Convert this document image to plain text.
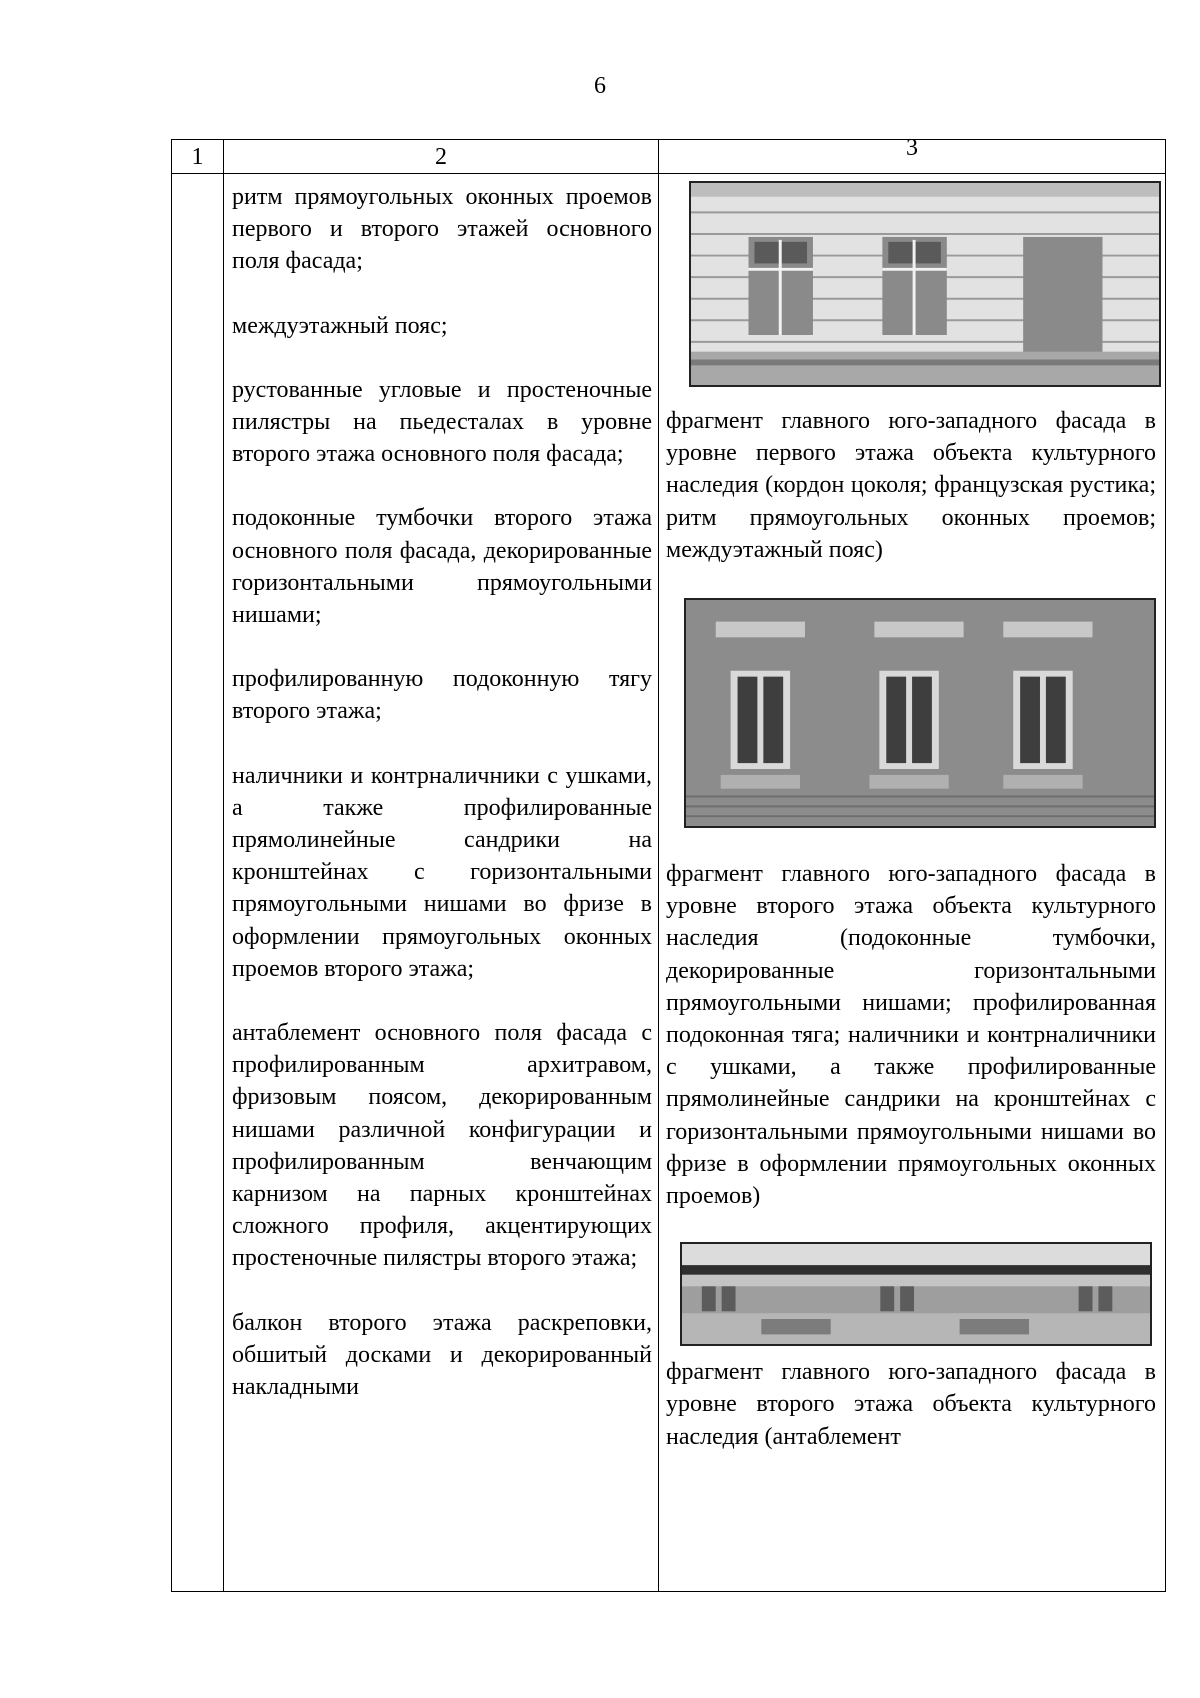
6
1	2	3

ритм прямоугольных оконных проемов первого и второго этажей основного поля фасада;

междуэтажный пояс;

рустованные угловые и простеночные пилястры на пьедесталах в уровне второго этажа основного поля фасада;

подоконные тумбочки второго этажа основного поля фасада, декорированные горизонтальными прямоугольными нишами;

профилированную подоконную тягу второго этажа;

наличники и контрналичники с ушками, а также профилированные прямолинейные сандрики на кронштейнах с горизонтальными прямоугольными нишами во фризе в оформлении прямоугольных оконных проемов второго этажа;

антаблемент основного поля фасада с профилированным архитравом, фризовым поясом, декорированным нишами различной конфигурации и профилированным венчающим карнизом на парных кронштейнах сложного профиля, акцентирующих простеночные пилястры второго этажа;

балкон второго этажа раскреповки, обшитый досками и декорированный накладными

фрагмент главного юго-западного фасада в уровне первого этажа объекта культурного наследия (кордон цоколя; французская рустика; ритм прямоугольных оконных проемов; междуэтажный пояс)

фрагмент главного юго-западного фасада в уровне второго этажа объекта культурного наследия (подоконные тумбочки, декорированные горизонтальными прямоугольными нишами; профилированная подоконная тяга; наличники и контрналичники с ушками, а также профилированные прямолинейные сандрики на кронштейнах с горизонтальными прямоугольными нишами во фризе в оформлении прямоугольных оконных проемов)

фрагмент главного юго-западного фасада в уровне второго этажа объекта культурного наследия (антаблемент
